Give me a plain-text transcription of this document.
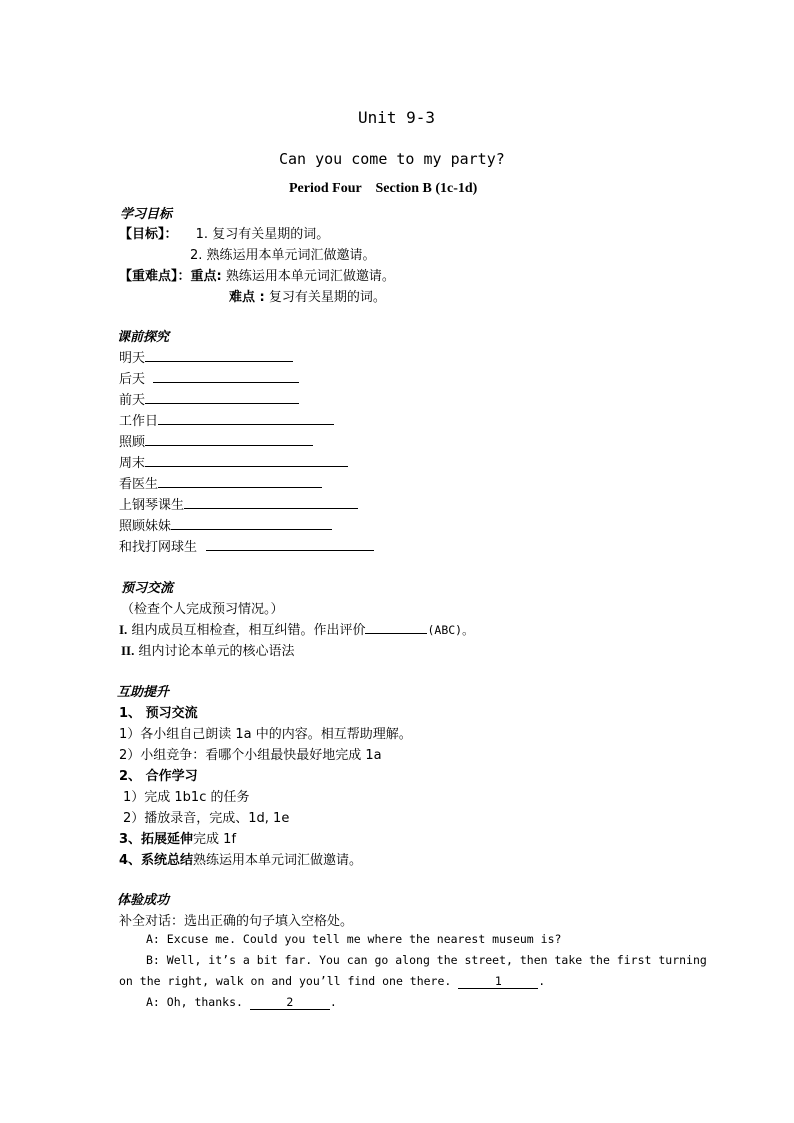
Unit 9-3
Can you come to my party?
Period Four    Section B (1c-1d)
学习目标
【目标】： 1. 复习有关星期的词。
2. 熟练运用本单元词汇做邀请。
【重难点】：重点: 熟练运用本单元词汇做邀请。
难点 : 复习有关星期的词。
课前探究
明天
后天
前天
工作日
照顾
周末
看医生
上钢琴课生
照顾妹妹
和找打网球生
预习交流
（检查个人完成预习情况。）
I. 组内成员互相检查，相互纠错。作出评价	(ABC)。
II. 组内讨论本单元的核心语法
互助提升
1、 预习交流
1）各小组自己朗读 1a 中的内容。相互帮助理解。
2）小组竞争：看哪个小组最快最好地完成 1a
2、 合作学习
1）完成 1b1c 的任务
2）播放录音，完成、1d, 1e
3、拓展延伸完成 1f
4、系统总结熟练运用本单元词汇做邀请。
体验成功
补全对话：选出正确的句子填入空格处。
A: Excuse me. Could you tell me where the nearest museum is?
B: Well, it’s a bit far. You can go along the street, then take the first turning
on the right, walk on and you’ll find one there.	1	.
A: Oh, thanks.	2	.
